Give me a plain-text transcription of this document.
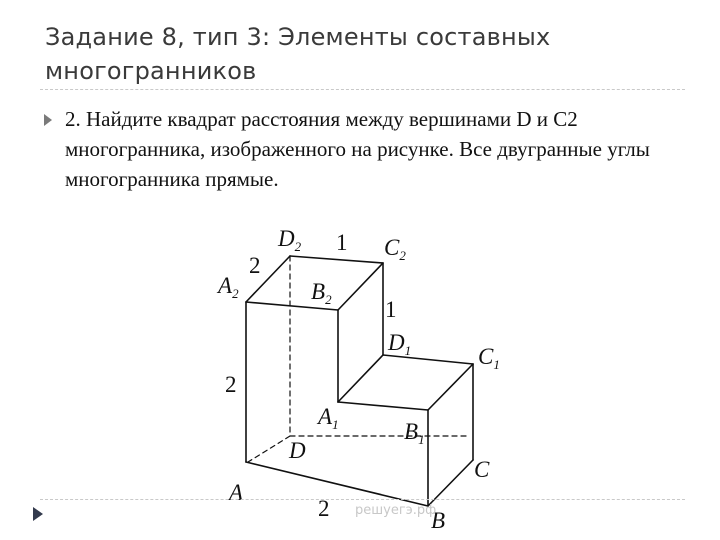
Задание 8, тип 3: Элементы составных многогранников
2. Найдите квадрат расстояния между вершинами D и С2 многогранника, изображенного на рисунке. Все двугранные углы многогранника прямые.
$D_2$	$C_2$
$A_2$	$B_2$
$D_1$	$C_1$
$A_1$	$B_1$
D
C
A
B
2
1
1
2
2 решуегэ.рф
